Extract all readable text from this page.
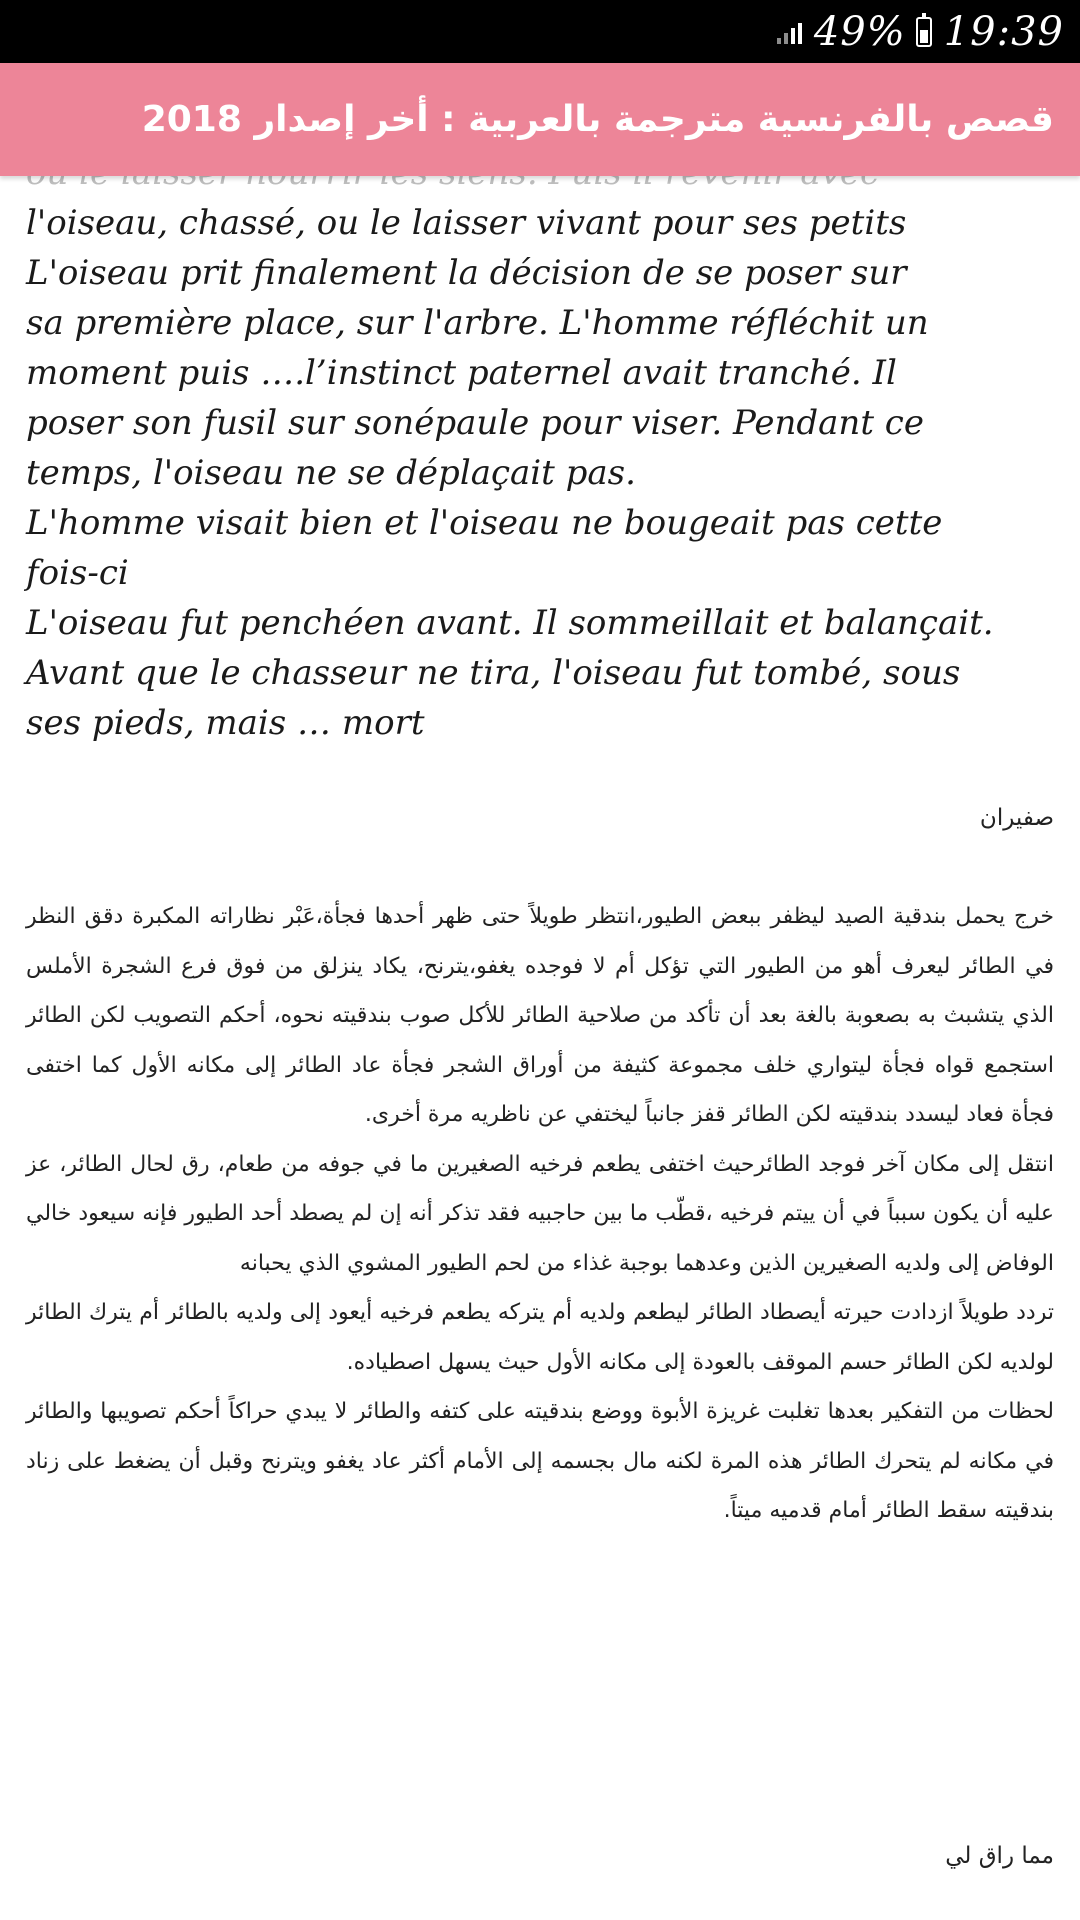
49% 19:39
قصص بالفرنسية مترجمة بالعربية : أخر إصدار 2018
l'oiseau, chassé, ou le laisser vivant pour ses petits
L'oiseau prit finalement la décision de se poser sur
sa première place, sur l'arbre. L'homme réfléchit un
moment puis ….l’instinct paternel avait tranché. Il
poser son fusil sur sonépaule pour viser. Pendant ce
temps, l'oiseau ne se déplaçait pas.
L'homme visait bien et l'oiseau ne bougeait pas cette
fois-ci
L'oiseau fut penchéen avant. Il sommeillait et balançait.
Avant que le chasseur ne tira, l'oiseau fut tombé, sous
ses pieds, mais … mort
صفيران

خرج يحمل بندقية الصيد ليظفر ببعض الطيور،انتظر طويلاً حتى ظهر أحدها فجأة،عَبْر نظاراته المكبرة دقق النظر في الطائر ليعرف أهو من الطيور التي تؤكل أم لا فوجده يغفو،يترنح، يكاد ينزلق من فوق فرع الشجرة الأملس الذي يتشبث به بصعوبة بالغة بعد أن تأكد من صلاحية الطائر للأكل صوب بندقيته نحوه، أحكم التصويب لكن الطائر استجمع قواه فجأة ليتواري خلف مجموعة كثيفة من أوراق الشجر فجأة عاد الطائر إلى مكانه الأول كما اختفى فجأة فعاد ليسدد بندقيته لكن الطائر قفز جانباً ليختفي عن ناظريه مرة أخرى.

انتقل إلى مكان آخر فوجد الطائرحيث اختفى يطعم فرخيه الصغيرين ما في جوفه من طعام، رق لحال الطائر، عز عليه أن يكون سبباً في أن ييتم فرخيه ،قطّب ما بين حاجبيه فقد تذكر أنه إن لم يصطد أحد الطيور فإنه سيعود خالي الوفاض إلى ولديه الصغيرين الذين وعدهما بوجبة غذاء من لحم الطيور المشوي الذي يحبانه

تردد طويلاً ازدادت حيرته أيصطاد الطائر ليطعم ولديه أم يتركه يطعم فرخيه أيعود إلى ولديه بالطائر أم يترك الطائر لولديه لكن الطائر حسم الموقف بالعودة إلى مكانه الأول حيث يسهل اصطياده.

لحظات من التفكير بعدها تغلبت غريزة الأبوة ووضع بندقيته على كتفه والطائر لا يبدي حراكاً أحكم تصويبها والطائر في مكانه لم يتحرك الطائر هذه المرة لكنه مال بجسمه إلى الأمام أكثر عاد يغفو ويترنح وقبل أن يضغط على زناد بندقيته سقط الطائر أمام قدميه ميتاً.

مما راق لي
